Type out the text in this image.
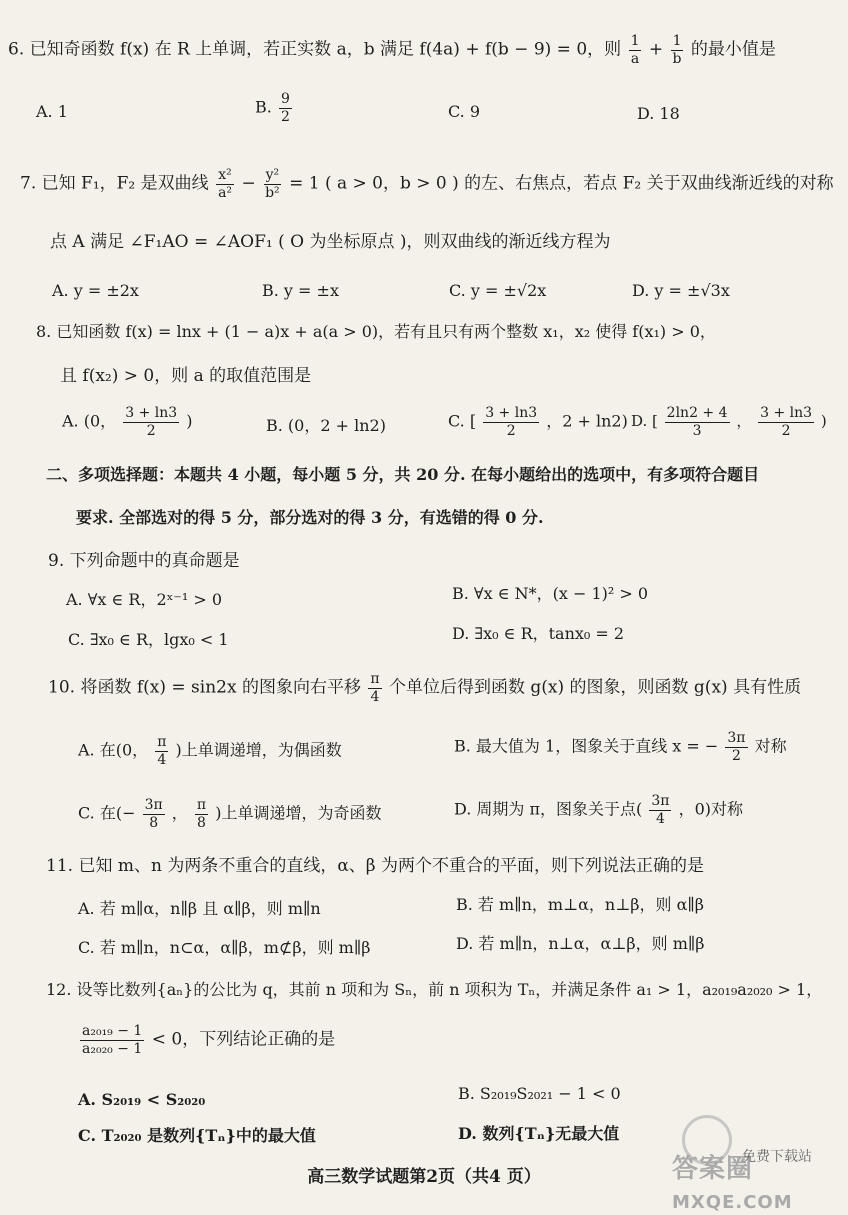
6. 已知奇函数 f(x) 在 R 上单调，若正实数 a，b 满足 f(4a) + f(b − 9) = 0，则 $\frac{1}{a} + \frac{1}{b}$ 的最小值是
A. 1	B. $\frac{9}{2}$	C. 9	D. 18
7. 已知 F₁，F₂ 是双曲线 $\frac{\text{x²}}{\text{a²}} - \frac{\text{y²}}{\text{b²}} = 1$ ( a > 0，b > 0 ) 的左、右焦点，若点 F₂ 关于双曲线渐近线的对称
点 A 满足 ∠F₁AO = ∠AOF₁ ( O 为坐标原点 )，则双曲线的渐近线方程为
A. y = ±2x	B. y = ±x	C. y = ±√2x	D. y = ±√3x
8. 已知函数 f(x) = lnx + (1 − a)x + a(a > 0)，若有且只有两个整数 x₁，x₂ 使得 f(x₁) > 0，
且 f(x₂) > 0，则 a 的取值范围是
A. (0， $\frac{3 + \ln 3}{2}$ )	B. (0，2 + ln2)	C. [ $\frac{3 + \ln 3}{2}$ ，2 + ln2) D. [ $\frac{2\ln 2 + 4}{3}$ ， $\frac{3 + \ln 3}{2}$ )
二、多项选择题：本题共 4 小题，每小题 5 分，共 20 分. 在每小题给出的选项中，有多项符合题目
要求. 全部选对的得 5 分，部分选对的得 3 分，有选错的得 0 分.
9. 下列命题中的真命题是
A. ∀x ∈ R，2ˣ⁻¹ > 0	B. ∀x ∈ N*，(x − 1)² > 0
C. ∃x₀ ∈ R，lgx₀ < 1	D. ∃x₀ ∈ R，tanx₀ = 2
10. 将函数 f(x) = sin2x 的图象向右平移 $\frac{\pi}{4}$ 个单位后得到函数 g(x) 的图象，则函数 g(x) 具有性质
A. 在(0， $\frac{\pi}{4}$ )上单调递增，为偶函数	B. 最大值为 1，图象关于直线 x = − $\frac{3\pi}{2}$ 对称
C. 在(− $\frac{3\pi}{8}$ ， $\frac{\pi}{8}$ )上单调递增，为奇函数	D. 周期为 π，图象关于点( $\frac{3\pi}{4}$ ，0)对称
11. 已知 m、n 为两条不重合的直线，α、β 为两个不重合的平面，则下列说法正确的是
A. 若 m∥α，n∥β 且 α∥β，则 m∥n	B. 若 m∥n，m⊥α，n⊥β，则 α∥β
C. 若 m∥n，n⊂α，α∥β，m⊄β，则 m∥β	D. 若 m∥n，n⊥α，α⊥β，则 m∥β
12. 设等比数列{aₙ}的公比为 q，其前 n 项和为 Sₙ，前 n 项积为 Tₙ，并满足条件 a₁ > 1，a₂₀₁₉a₂₀₂₀ > 1，
$\frac{\text{a₂₀₁₉ − 1}}{\text{a₂₀₂₀ − 1}} < 0$，下列结论正确的是
A. S₂₀₁₉ < S₂₀₂₀	B. S₂₀₁₉S₂₀₂₁ − 1 < 0
C. T₂₀₂₀ 是数列{Tₙ}中的最大值	D. 数列{Tₙ}无最大值
答案圈
MXQE.COM
免费下载站
高三数学试题第2页（共4 页）
